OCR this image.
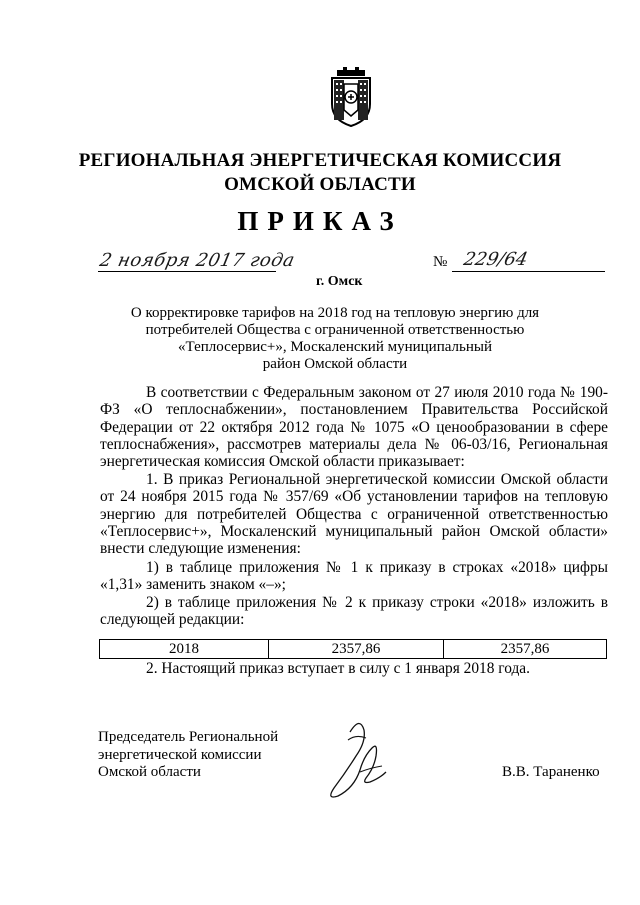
РЕГИОНАЛЬНАЯ ЭНЕРГЕТИЧЕСКАЯ КОМИССИЯ
ОМСКОЙ ОБЛАСТИ
ПРИКАЗ
2 ноября 2017 года	№ 229/64
г. Омск
О корректировке тарифов на 2018 год на тепловую энергию для
потребителей Общества с ограниченной ответственностью
«Теплосервис+», Москаленский муниципальный
район Омской области
В соответствии с Федеральным законом от 27 июля 2010 года № 190-ФЗ «О теплоснабжении», постановлением Правительства Российской Федерации от 22 октября 2012 года № 1075 «О ценообразовании в сфере теплоснабжения», рассмотрев материалы дела № 06-03/16, Региональная энергетическая комиссия Омской области приказывает:
1. В приказ Региональной энергетической комиссии Омской области от 24 ноября 2015 года № 357/69 «Об установлении тарифов на тепловую энергию для потребителей Общества с ограниченной ответственностью «Теплосервис+», Москаленский муниципальный район Омской области» внести следующие изменения:
1) в таблице приложения № 1 к приказу в строках «2018» цифры «1,31» заменить знаком «–»;
2) в таблице приложения № 2 к приказу строки «2018» изложить в следующей редакции:
2018	2357,86	2357,86
2. Настоящий приказ вступает в силу с 1 января 2018 года.
Председатель Региональной
энергетической комиссии
Омской области	В.В. Тараненко
